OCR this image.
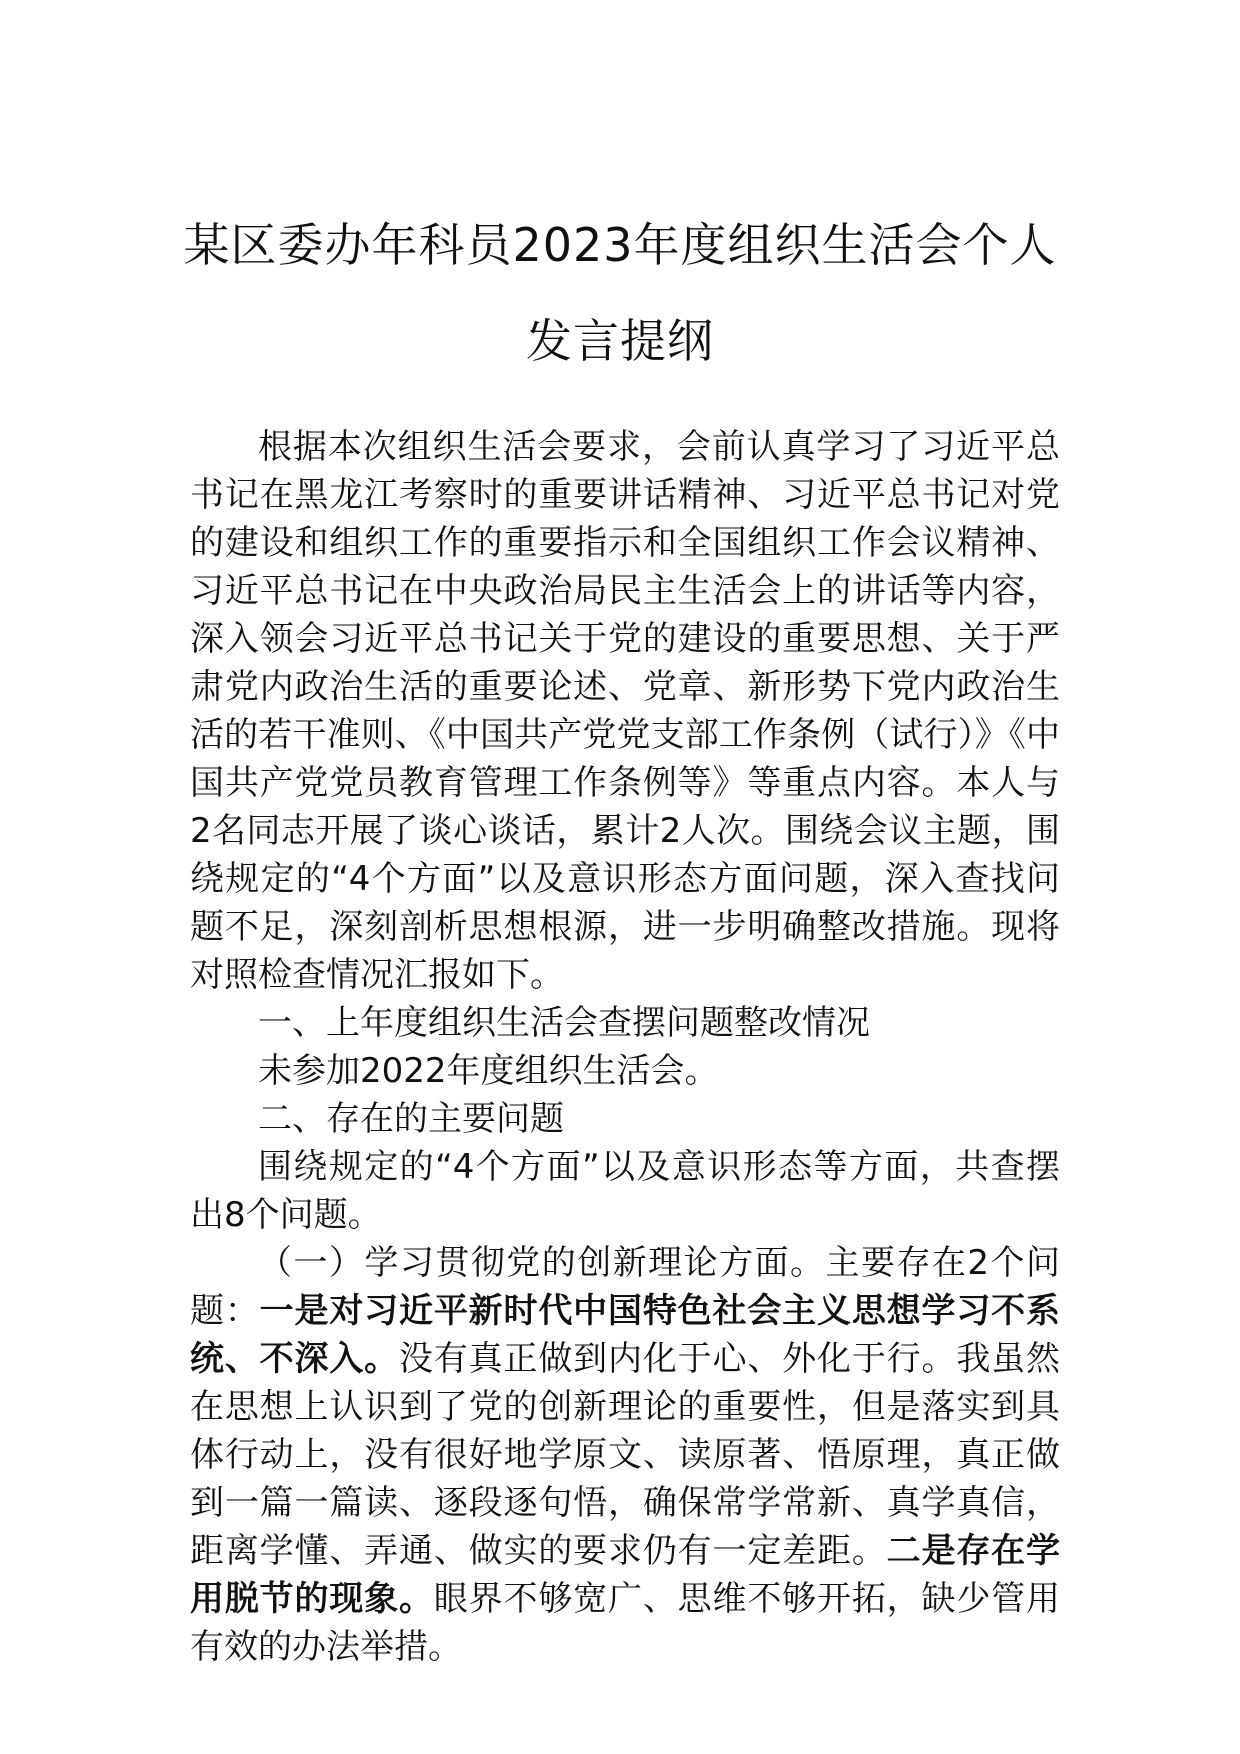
某区委办年科员2023年度组织生活会个人
发言提纲

根据本次组织生活会要求，会前认真学习了习近平总书记在黑龙江考察时的重要讲话精神、习近平总书记对党的建设和组织工作的重要指示和全国组织工作会议精神、习近平总书记在中央政治局民主生活会上的讲话等内容，深入领会习近平总书记关于党的建设的重要思想、关于严肃党内政治生活的重要论述、党章、新形势下党内政治生活的若干准则、《中国共产党党支部工作条例（试行）》《中国共产党党员教育管理工作条例等》等重点内容。本人与2名同志开展了谈心谈话，累计2人次。围绕会议主题，围绕规定的“4个方面”以及意识形态方面问题，深入查找问题不足，深刻剖析思想根源，进一步明确整改措施。现将对照检查情况汇报如下。

一、上年度组织生活会查摆问题整改情况

未参加2022年度组织生活会。

二、存在的主要问题

围绕规定的“4个方面”以及意识形态等方面，共查摆出8个问题。

（一）学习贯彻党的创新理论方面。主要存在2个问题：一是对习近平新时代中国特色社会主义思想学习不系统、不深入。没有真正做到内化于心、外化于行。我虽然在思想上认识到了党的创新理论的重要性，但是落实到具体行动上，没有很好地学原文、读原著、悟原理，真正做到一篇一篇读、逐段逐句悟，确保常学常新、真学真信，距离学懂、弄通、做实的要求仍有一定差距。二是存在学用脱节的现象。眼界不够宽广、思维不够开拓，缺少管用有效的办法举措。
